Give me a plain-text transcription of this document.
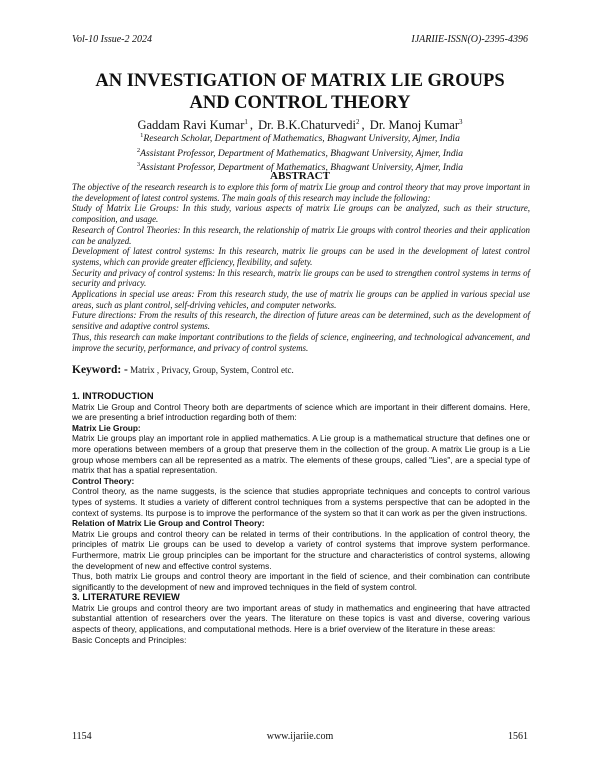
Vol-10 Issue-2 2024	IJARIIE-ISSN(O)-2395-4396
AN INVESTIGATION OF MATRIX LIE GROUPS
AND CONTROL THEORY
Gaddam Ravi Kumar$^1$ , Dr. B.K.Chaturvedi$^2$ , Dr. Manoj Kumar$^3$
$^1$Research Scholar, Department of Mathematics, Bhagwant University, Ajmer, India
$^2$Assistant Professor, Department of Mathematics, Bhagwant University, Ajmer, India
$^3$Assistant Professor, Department of Mathematics, Bhagwant University, Ajmer, India
ABSTRACT

The objective of the research research is to explore this form of matrix Lie group and control theory that may prove important in the development of latest control systems. The main goals of this research may include the following:

Study of Matrix Lie Groups: In this study, various aspects of matrix Lie groups can be analyzed, such as their structure, composition, and usage.

Research of Control Theories: In this research, the relationship of matrix Lie groups with control theories and their application can be analyzed.

Development of latest control systems: In this research, matrix lie groups can be used in the development of latest control systems, which can provide greater efficiency, flexibility, and safety.

Security and privacy of control systems: In this research, matrix lie groups can be used to strengthen control systems in terms of security and privacy.

Applications in special use areas: From this research study, the use of matrix lie groups can be applied in various special use areas, such as plant control, self-driving vehicles, and computer networks.

Future directions: From the results of this research, the direction of future areas can be determined, such as the development of sensitive and adaptive control systems.

Thus, this research can make important contributions to the fields of science, engineering, and technological advancement, and improve the security, performance, and privacy of control systems.

Keyword: - Matrix , Privacy, Group, System, Control etc.

1. INTRODUCTION

Matrix Lie Group and Control Theory both are departments of science which are important in their different domains. Here, we are presenting a brief introduction regarding both of them:

Matrix Lie Group:

Matrix Lie groups play an important role in applied mathematics. A Lie group is a mathematical structure that defines one or more operations between members of a group that preserve them in the collection of the group. A matrix Lie group is a Lie group whose members can all be represented as a matrix. The elements of these groups, called "Lies", are a special type of matrix that has a spatial representation.

Control Theory:

Control theory, as the name suggests, is the science that studies appropriate techniques and concepts to control various types of systems. It studies a variety of different control techniques from a systems perspective that can be adopted in the context of systems. Its purpose is to improve the performance of the system so that it can work as per the given instructions.

Relation of Matrix Lie Group and Control Theory:

Matrix Lie groups and control theory can be related in terms of their contributions. In the application of control theory, the principles of matrix Lie groups can be used to develop a variety of control systems that improve system performance. Furthermore, matrix Lie group principles can be important for the structure and characteristics of control systems, allowing the development of new and effective control systems.

Thus, both matrix Lie groups and control theory are important in the field of science, and their combination can contribute significantly to the development of new and improved techniques in the field of system control.

3. LITERATURE REVIEW

Matrix Lie groups and control theory are two important areas of study in mathematics and engineering that have attracted substantial attention of researchers over the years. The literature on these topics is vast and diverse, covering various aspects of theory, applications, and computational methods. Here is a brief overview of the literature in these areas:

Basic Concepts and Principles:

1154	www.ijariie.com	1561
